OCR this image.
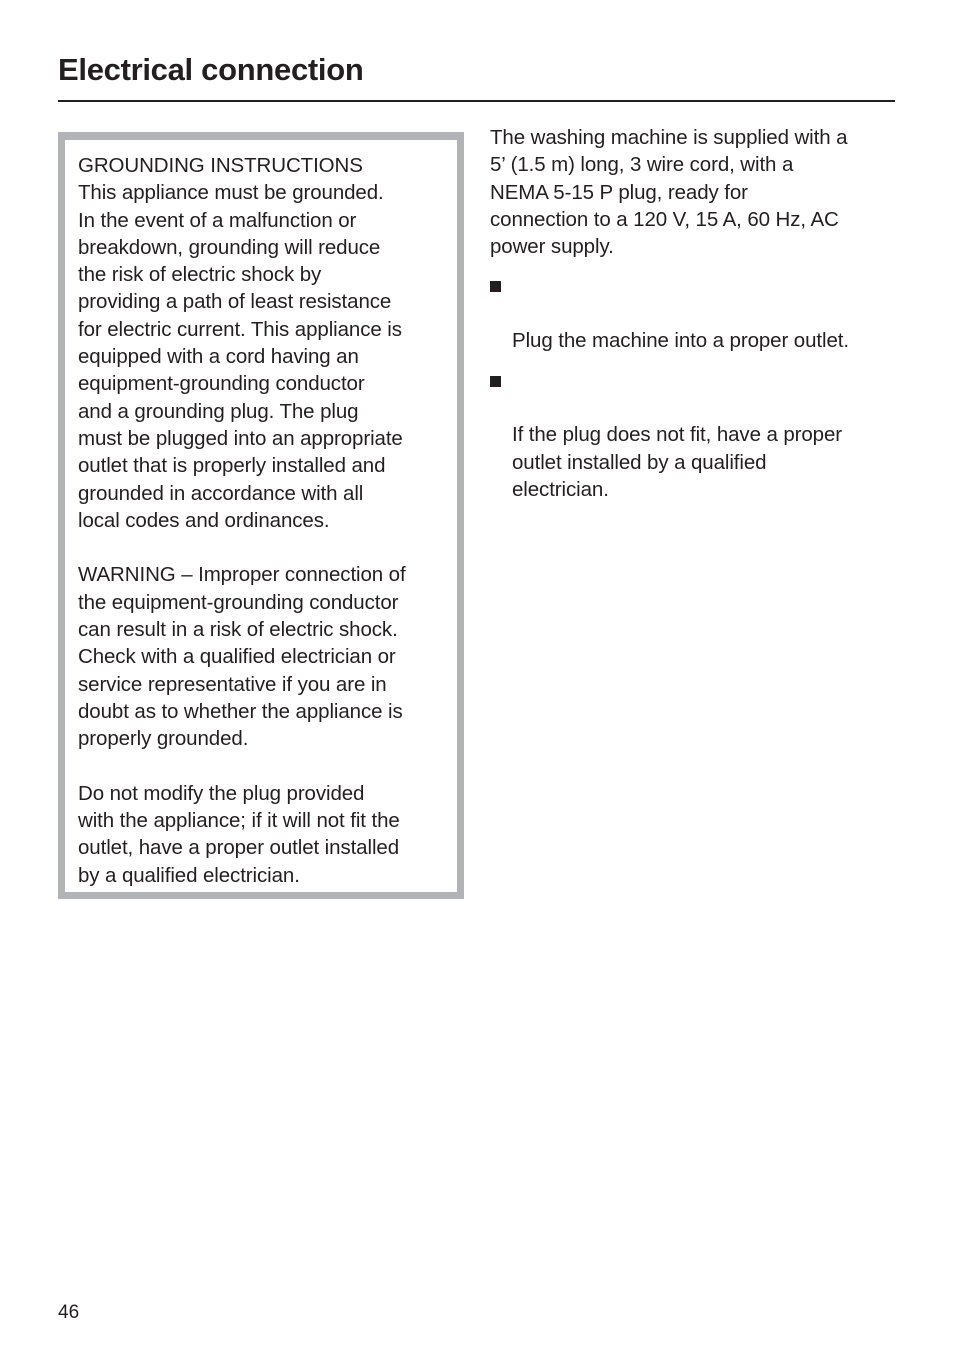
Electrical connection

GROUNDING INSTRUCTIONS
This appliance must be grounded.
In the event of a malfunction or
breakdown, grounding will reduce
the risk of electric shock by
providing a path of least resistance
for electric current. This appliance is
equipped with a cord having an
equipment-grounding conductor
and a grounding plug. The plug
must be plugged into an appropriate
outlet that is properly installed and
grounded in accordance with all
local codes and ordinances.

WARNING – Improper connection of
the equipment-grounding conductor
can result in a risk of electric shock.
Check with a qualified electrician or
service representative if you are in
doubt as to whether the appliance is
properly grounded.

Do not modify the plug provided
with the appliance; if it will not fit the
outlet, have a proper outlet installed
by a qualified electrician.

The washing machine is supplied with a
5’ (1.5 m) long, 3 wire cord, with a
NEMA 5-15 P plug, ready for
connection to a 120 V, 15 A, 60 Hz, AC
power supply.

Plug the machine into a proper outlet.

If the plug does not fit, have a proper
outlet installed by a qualified
electrician.

46
